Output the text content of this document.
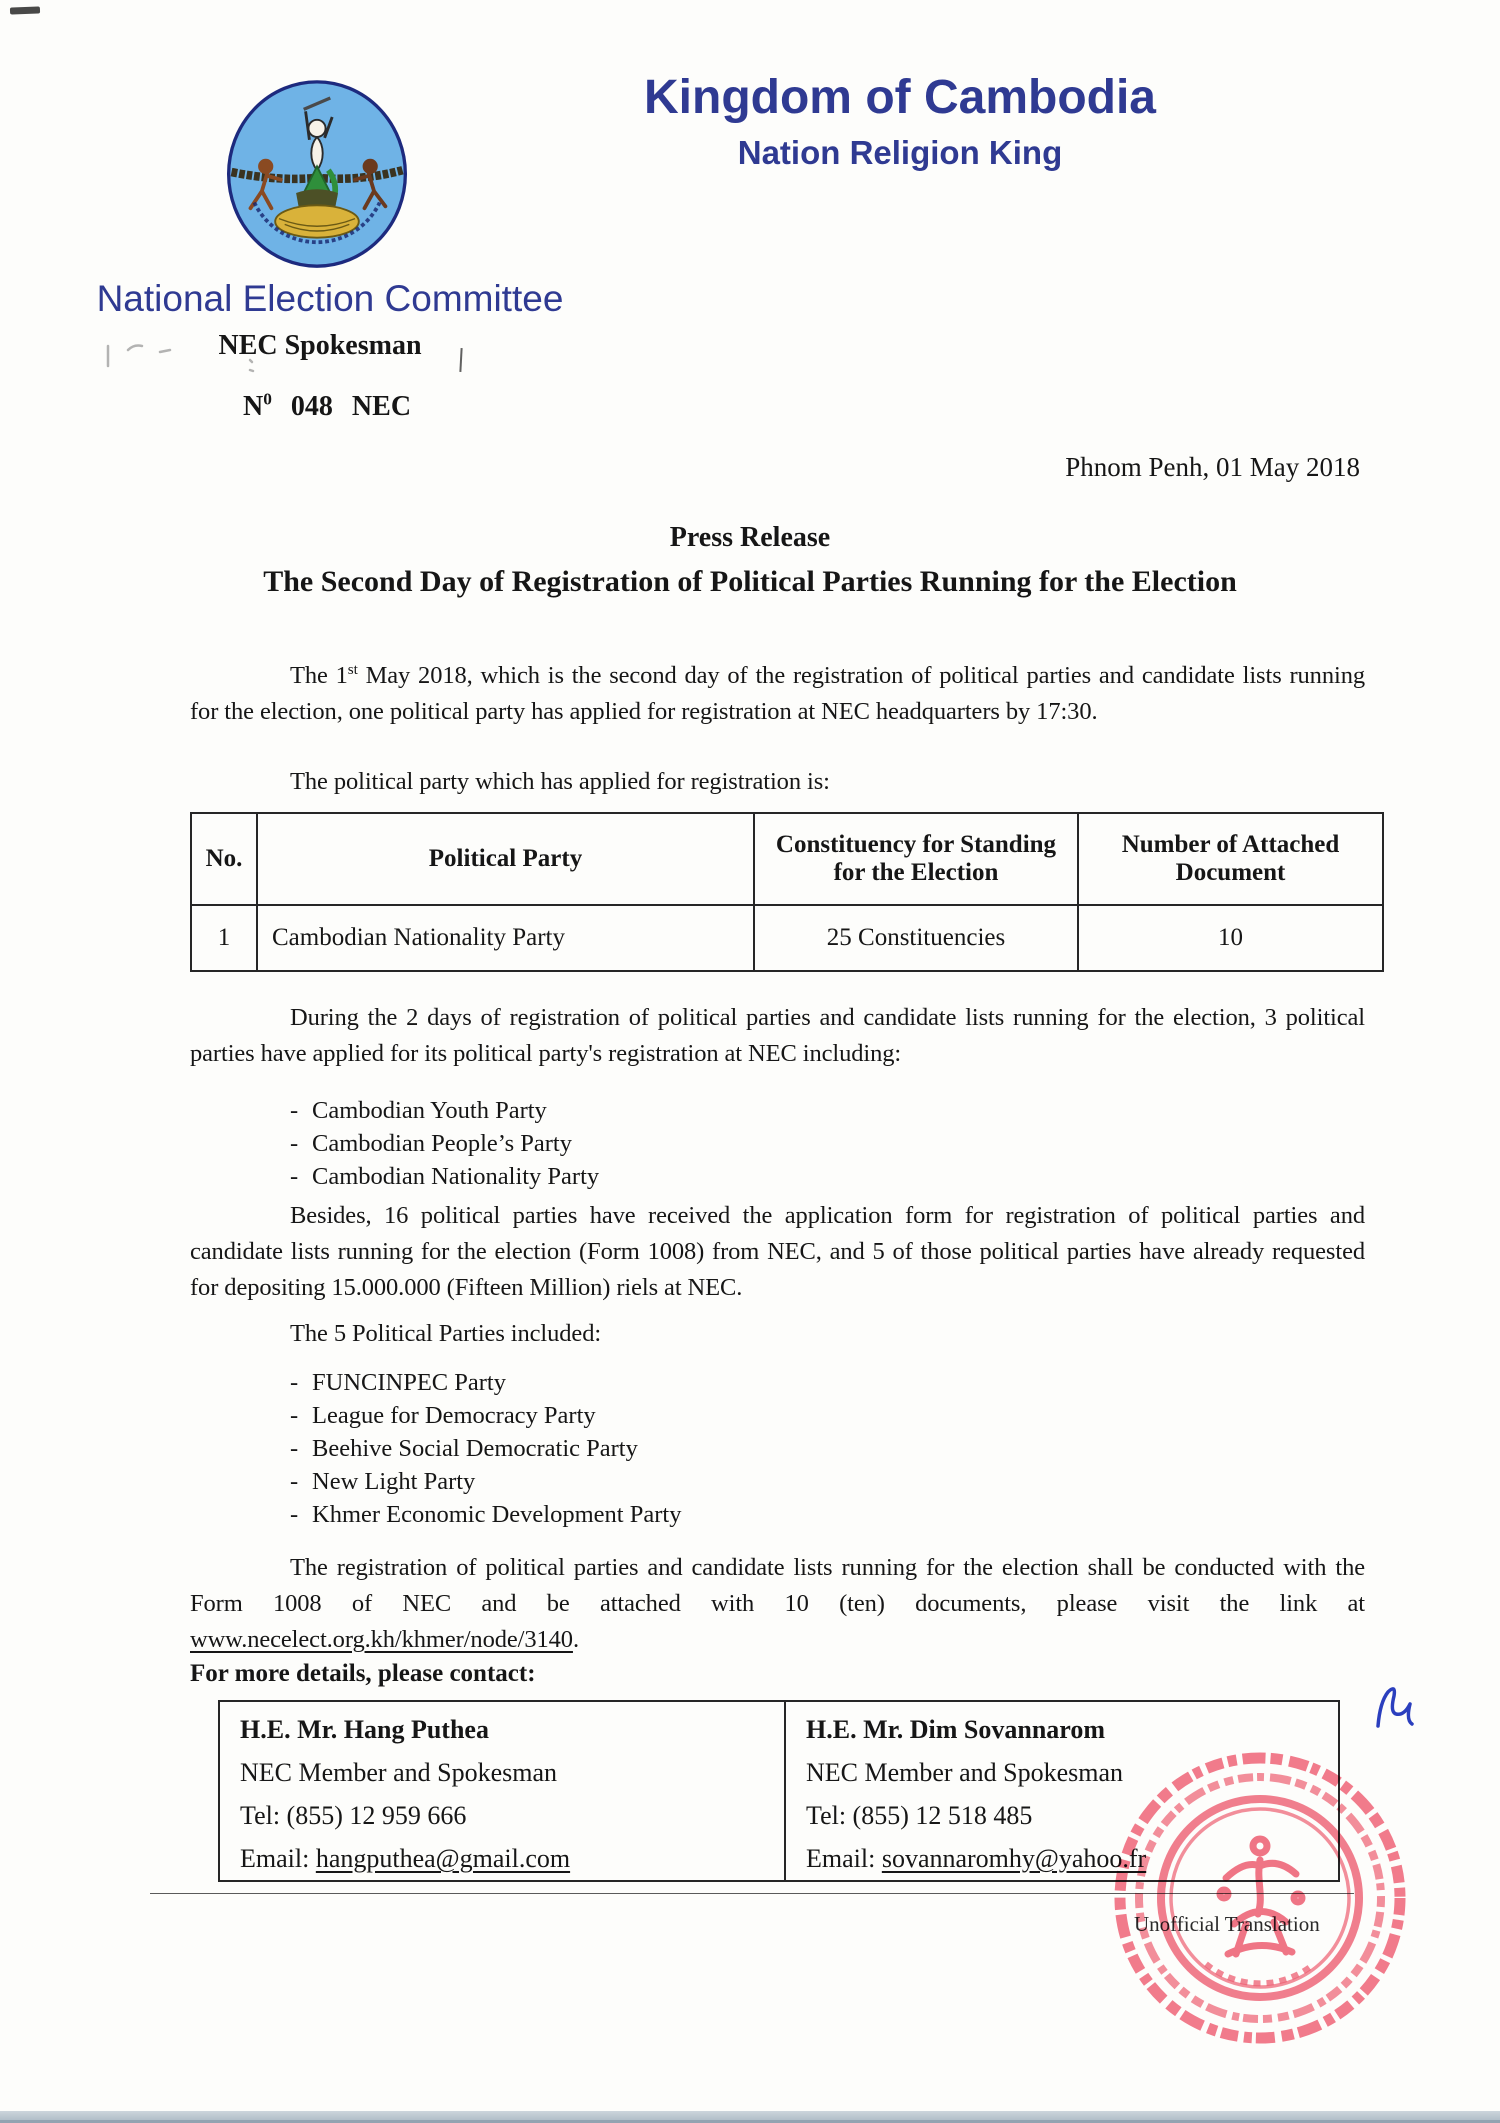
Kingdom of Cambodia
Nation Religion King
National Election Committee
NEC Spokesman
$N^0$ 048 NEC
Phnom Penh, 01 May 2018
Press Release
The Second Day of Registration of Political Parties Running for the Election

The 1st May 2018, which is the second day of the registration of political parties and candidate lists running for the election, one political party has applied for registration at NEC headquarters by 17:30.

The political party which has applied for registration is:

No.	Political Party	Constituency for Standing for the Election	Number of Attached Document
1	Cambodian Nationality Party	25 Constituencies	10

During the 2 days of registration of political parties and candidate lists running for the election, 3 political parties have applied for its political party's registration at NEC including:

- Cambodian Youth Party
- Cambodian People’s Party
- Cambodian Nationality Party

Besides, 16 political parties have received the application form for registration of political parties and candidate lists running for the election (Form 1008) from NEC, and 5 of those political parties have already requested for depositing 15.000.000 (Fifteen Million) riels at NEC.

The 5 Political Parties included:

- FUNCINPEC Party
- League for Democracy Party
- Beehive Social Democratic Party
- New Light Party
- Khmer Economic Development Party

The registration of political parties and candidate lists running for the election shall be conducted with the Form 1008 of NEC and be attached with 10 (ten) documents, please visit the link at www.necelect.org.kh/khmer/node/3140.

For more details, please contact:
H.E. Mr. Hang Puthea
NEC Member and Spokesman
Tel: (855) 12 959 666
Email: hangputhea@gmail.com
H.E. Mr. Dim Sovannarom
NEC Member and Spokesman
Tel: (855) 12 518 485
Email: sovannaromhy@yahoo.fr
Unofficial Translation
